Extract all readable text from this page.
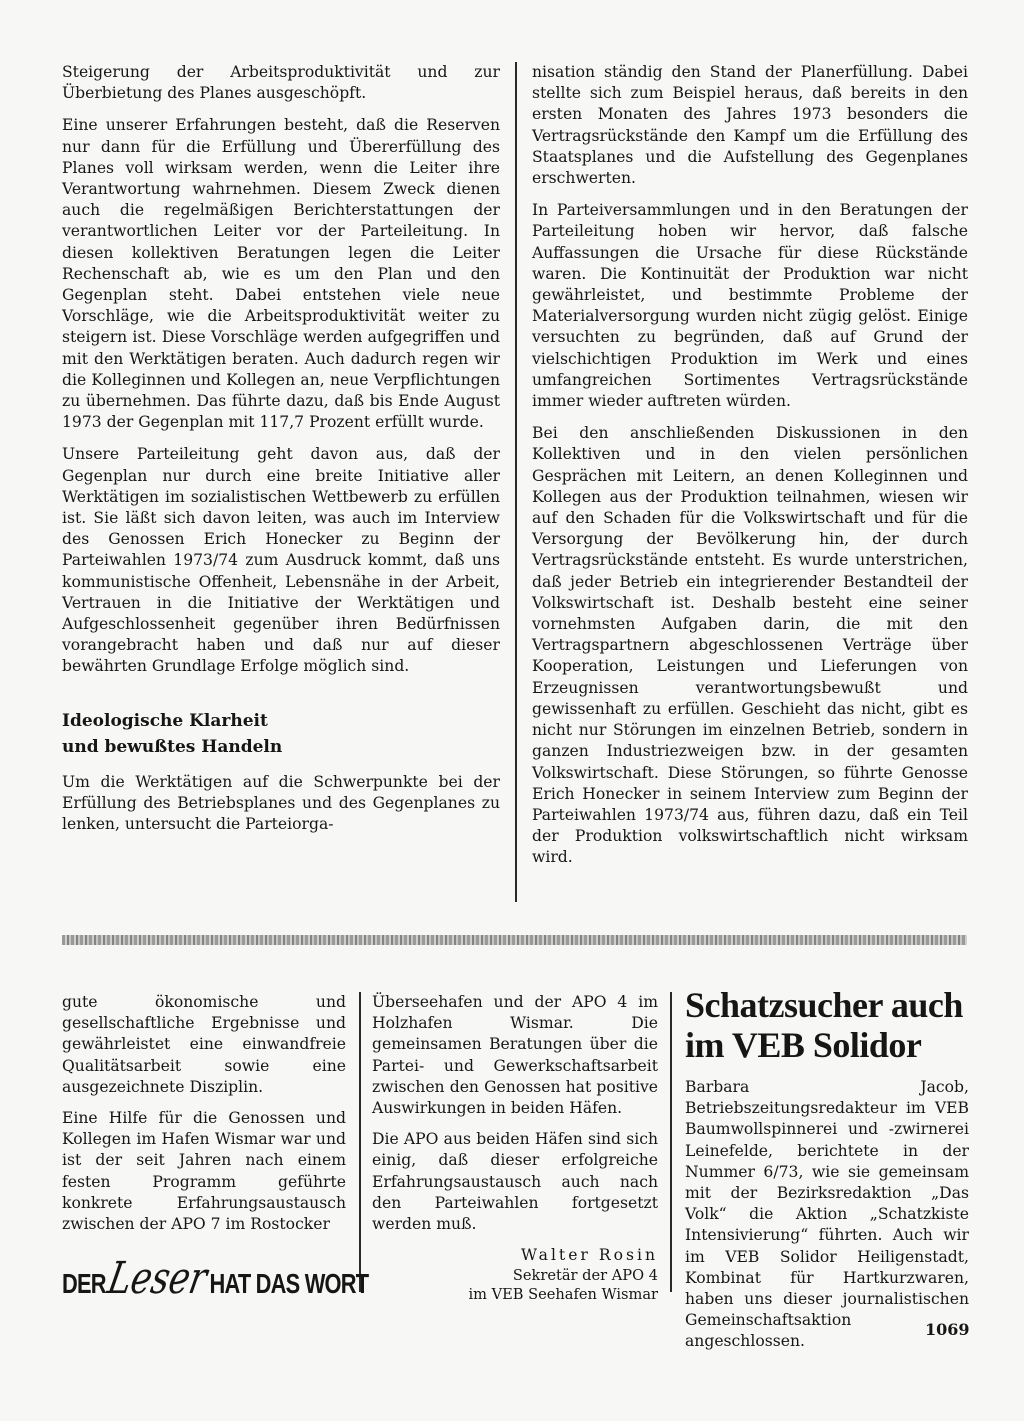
Steigerung der Arbeitsproduktivität und zur Überbietung des Planes ausgeschöpft.

Eine unserer Erfahrungen besteht, daß die Reserven nur dann für die Erfüllung und Übererfüllung des Planes voll wirksam werden, wenn die Leiter ihre Verantwortung wahrnehmen. Diesem Zweck dienen auch die regelmäßigen Berichterstattungen der verantwortlichen Leiter vor der Parteileitung. In diesen kollektiven Beratungen legen die Leiter Rechenschaft ab, wie es um den Plan und den Gegenplan steht. Dabei entstehen viele neue Vorschläge, wie die Arbeitsproduktivität weiter zu steigern ist. Diese Vorschläge werden aufgegriffen und mit den Werktätigen beraten. Auch dadurch regen wir die Kolleginnen und Kollegen an, neue Verpflichtungen zu übernehmen. Das führte dazu, daß bis Ende August 1973 der Gegenplan mit 117,7 Prozent erfüllt wurde.

Unsere Parteileitung geht davon aus, daß der Gegenplan nur durch eine breite Initiative aller Werktätigen im sozialistischen Wettbewerb zu erfüllen ist. Sie läßt sich davon leiten, was auch im Interview des Genossen Erich Honecker zu Beginn der Parteiwahlen 1973/74 zum Ausdruck kommt, daß uns kommunistische Offenheit, Lebensnähe in der Arbeit, Vertrauen in die Initiative der Werktätigen und Aufgeschlossenheit gegenüber ihren Bedürfnissen vorangebracht haben und daß nur auf dieser bewährten Grundlage Erfolge möglich sind.

Ideologische Klarheit
und bewußtes Handeln

Um die Werktätigen auf die Schwerpunkte bei der Erfüllung des Betriebsplanes und des Gegenplanes zu lenken, untersucht die Parteiorga-

nisation ständig den Stand der Planerfüllung. Dabei stellte sich zum Beispiel heraus, daß bereits in den ersten Monaten des Jahres 1973 besonders die Vertragsrückstände den Kampf um die Erfüllung des Staatsplanes und die Aufstellung des Gegenplanes erschwerten.

In Parteiversammlungen und in den Beratungen der Parteileitung hoben wir hervor, daß falsche Auffassungen die Ursache für diese Rückstände waren. Die Kontinuität der Produktion war nicht gewährleistet, und bestimmte Probleme der Materialversorgung wurden nicht zügig gelöst. Einige versuchten zu begründen, daß auf Grund der vielschichtigen Produktion im Werk und eines umfangreichen Sortimentes Vertragsrückstände immer wieder auftreten würden.

Bei den anschließenden Diskussionen in den Kollektiven und in den vielen persönlichen Gesprächen mit Leitern, an denen Kolleginnen und Kollegen aus der Produktion teilnahmen, wiesen wir auf den Schaden für die Volkswirtschaft und für die Versorgung der Bevölkerung hin, der durch Vertragsrückstände entsteht. Es wurde unterstrichen, daß jeder Betrieb ein integrierender Bestandteil der Volkswirtschaft ist. Deshalb besteht eine seiner vornehmsten Aufgaben darin, die mit den Vertragspartnern abgeschlossenen Verträge über Kooperation, Leistungen und Lieferungen von Erzeugnissen verantwortungsbewußt und gewissenhaft zu erfüllen. Geschieht das nicht, gibt es nicht nur Störungen im einzelnen Betrieb, sondern in ganzen Industriezweigen bzw. in der gesamten Volkswirtschaft. Diese Störungen, so führte Genosse Erich Honecker in seinem Interview zum Beginn der Parteiwahlen 1973/74 aus, führen dazu, daß ein Teil der Produktion volkswirtschaftlich nicht wirksam wird.

gute ökonomische und gesellschaftliche Ergebnisse und gewährleistet eine einwandfreie Qualitätsarbeit sowie eine ausgezeichnete Disziplin.

Eine Hilfe für die Genossen und Kollegen im Hafen Wismar war und ist der seit Jahren nach einem festen Programm geführte konkrete Erfahrungsaustausch zwischen der APO 7 im Rostocker

Überseehafen und der APO 4 im Holzhafen Wismar. Die gemeinsamen Beratungen über die Partei- und Gewerkschaftsarbeit zwischen den Genossen hat positive Auswirkungen in beiden Häfen.

Die APO aus beiden Häfen sind sich einig, daß dieser erfolgreiche Erfahrungsaustausch auch nach den Parteiwahlen fortgesetzt werden muß.

Walter Rosin
Sekretär der APO 4
im VEB Seehafen Wismar
Schatzsucher auch im VEB Solidor

Barbara Jacob, Betriebszeitungsredakteur im VEB Baumwollspinnerei und -zwirnerei Leinefelde, berichtete in der Nummer 6/73, wie sie gemeinsam mit der Bezirksredaktion „Das Volk“ die Aktion „Schatzkiste Intensivierung“ führten. Auch wir im VEB Solidor Heiligenstadt, Kombinat für Hartkurzwaren, haben uns dieser journalistischen Gemeinschaftsaktion angeschlossen.

DERLeserHAT DAS WORT
1069
